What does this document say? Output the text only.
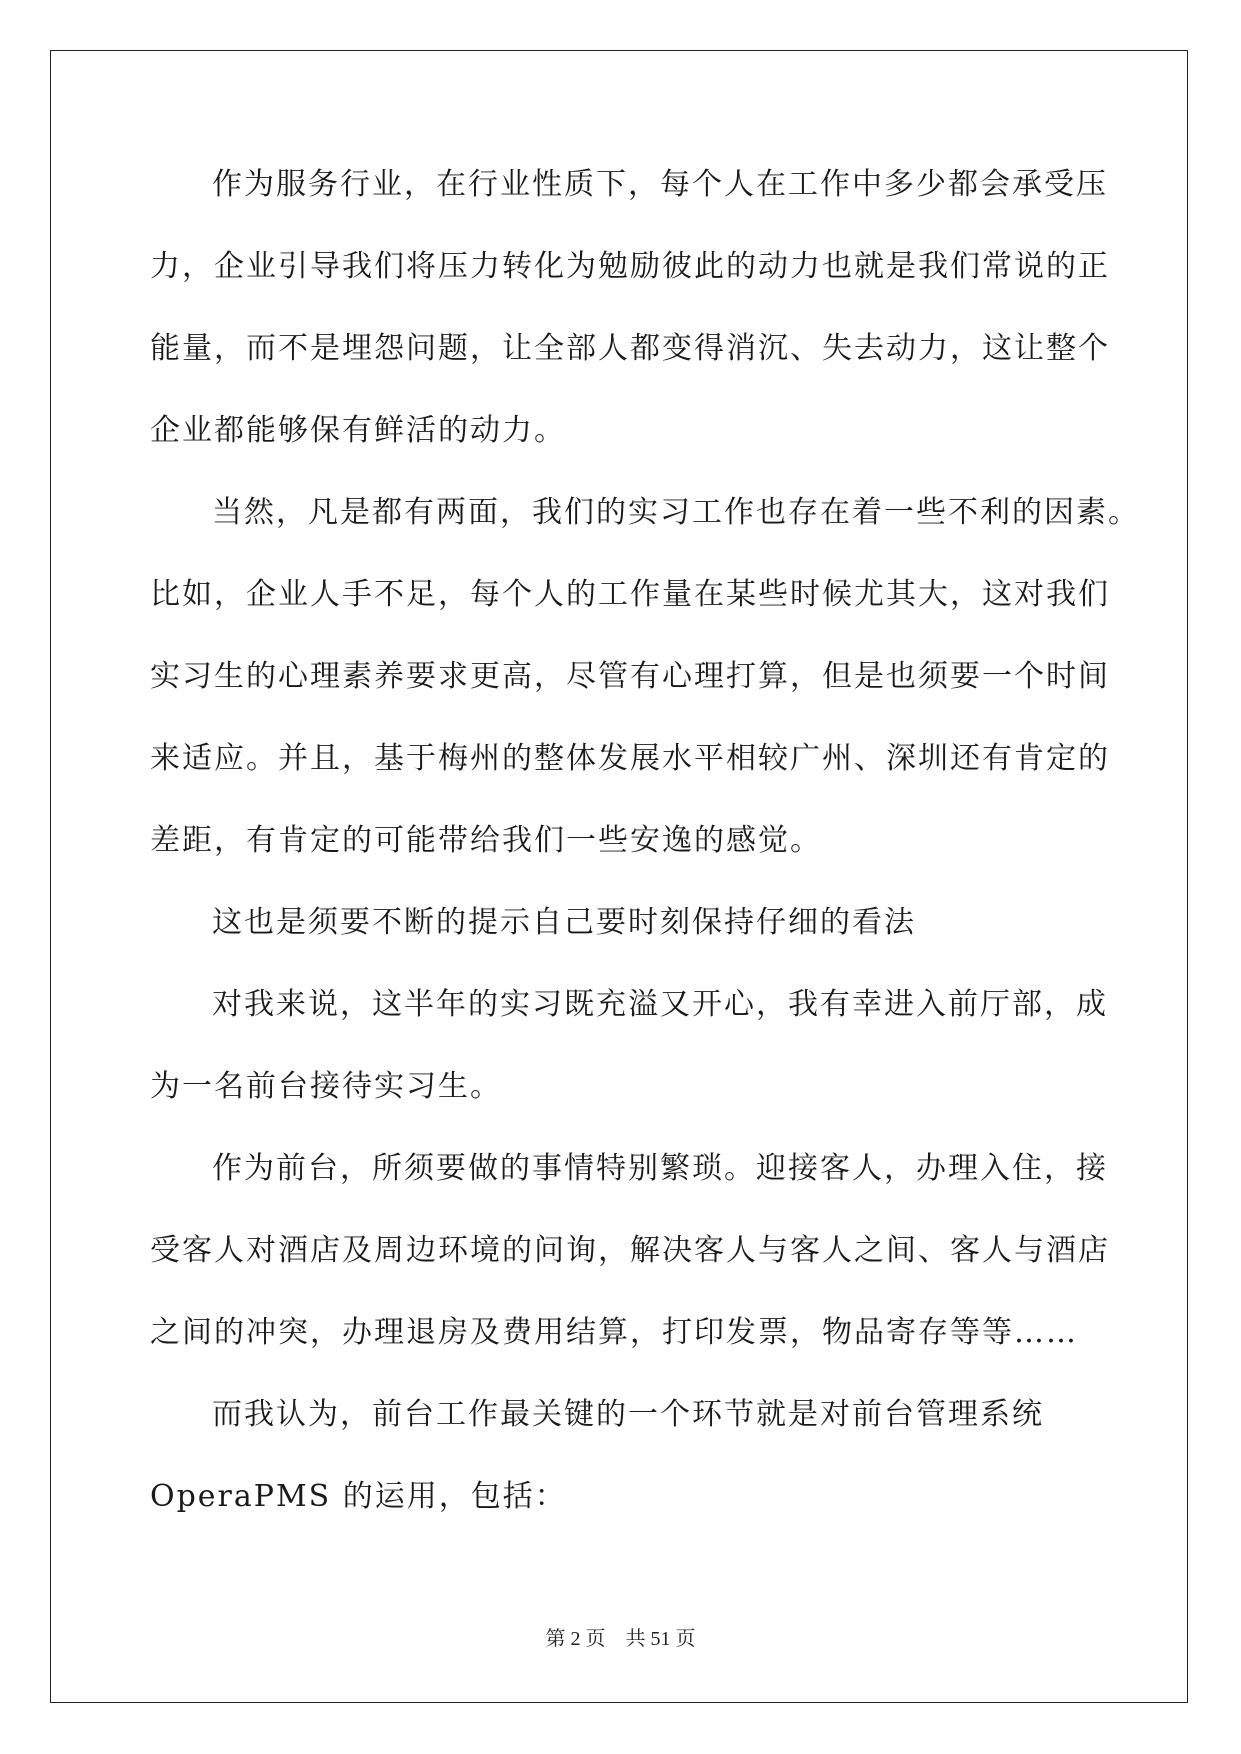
作为服务行业，在行业性质下，每个人在工作中多少都会承受压
力，企业引导我们将压力转化为勉励彼此的动力也就是我们常说的正
能量，而不是埋怨问题，让全部人都变得消沉、失去动力，这让整个
企业都能够保有鲜活的动力。
当然，凡是都有两面，我们的实习工作也存在着一些不利的因素。
比如，企业人手不足，每个人的工作量在某些时候尤其大，这对我们
实习生的心理素养要求更高，尽管有心理打算，但是也须要一个时间
来适应。并且，基于梅州的整体发展水平相较广州、深圳还有肯定的
差距，有肯定的可能带给我们一些安逸的感觉。
这也是须要不断的提示自己要时刻保持仔细的看法
对我来说，这半年的实习既充溢又开心，我有幸进入前厅部，成
为一名前台接待实习生。
作为前台，所须要做的事情特别繁琐。迎接客人，办理入住，接
受客人对酒店及周边环境的问询，解决客人与客人之间、客人与酒店
之间的冲突，办理退房及费用结算，打印发票，物品寄存等等……
而我认为，前台工作最关键的一个环节就是对前台管理系统
OperaPMS 的运用，包括：
第 2 页    共 51 页
